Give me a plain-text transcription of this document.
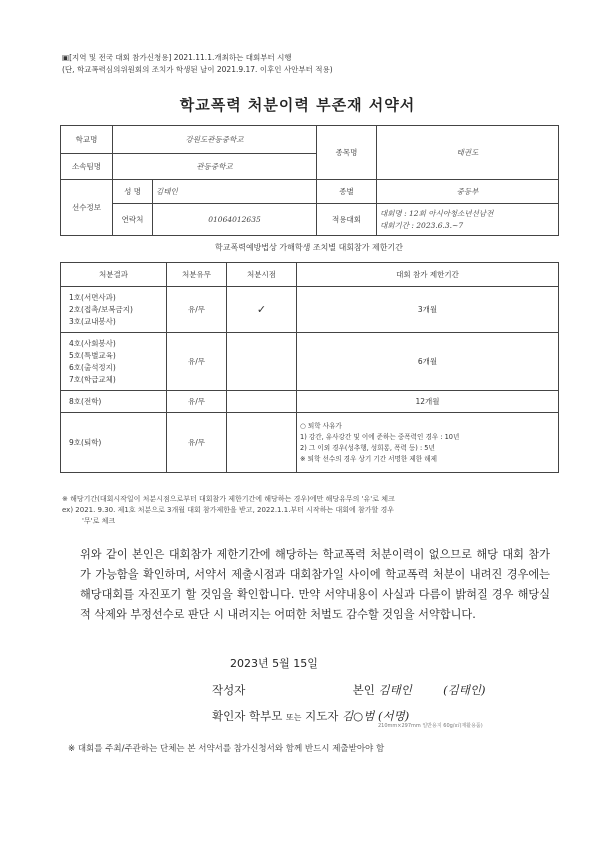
▣[지역 및 전국 대회 참가신청용] 2021.11.1.개최하는 대회부터 시행
(단, 학교폭력심의위원회의 조치가 학생된 날이 2021.9.17. 이후인 사안부터 적용)
학교폭력 처분이력 부존재 서약서
학교명	강원도관동중학교		종목명	태권도
소속팀명	관동중학교			
선수정보	성 명	김태인	종별	중등부
	연락처	01064012635	적용대회	대회명 : 12회 아시아청소년선남전
대회기간 : 2023.6.3.~7
학교폭력예방법상 가해학생 조치별 대회참가 제한기간
처분결과	처분유무	처분시점	대회 참가 제한기간

1호(서면사과)
2호(접촉/보복금지)
3호(교내봉사)	유/무	✓	3개월

4호(사회봉사)
5호(특별교육)
6호(출석정지)
7호(학급교체)	유/무		6개월

8호(전학)	유/무		12개월

9호(퇴학)	유/무		○ 퇴학 사유가
1) 강간, 유사강간 및 이에 준하는 중폭력인 경우 : 10년
2) 그 이외 경우(성추행, 성희롱, 폭력 등) : 5년
※ 퇴학 선수의 경우 상기 기간 서명한 제한 해제
※ 해당기간(대회시작일이 처분시점으로부터 대회참가 제한기간에 해당하는 경우)에만 해당유무의 '유'로 체크
ex) 2021. 9.30. 제1호 처분으로 3개월 대회 참가제한을 받고, 2022.1.1.부터 시작하는 대회에 참가할 경우
'무'로 체크
위와 같이 본인은 대회참가 제한기간에 해당하는 학교폭력 처분이력이 없으므로 해당 대회 참가가 가능함을 확인하며, 서약서 제출시점과 대회참가일 사이에 학교폭력 처분이 내려진 경우에는 해당대회를 자진포기 할 것임을 확인합니다. 만약 서약내용이 사실과 다름이 밝혀질 경우 해당실적 삭제와 부정선수로 판단 시 내려지는 어떠한 처벌도 감수할 것임을 서약합니다.
2023년 5월 15일
작성자	본인 김태인	(김태인)
확인자 학부모 또는 지도자 김○범 (서명)
210mm×297mm 일반용지 60g/㎡(재활용품)
※ 대회를 주최/주관하는 단체는 본 서약서를 참가신청서와 함께 반드시 제출받아야 함
